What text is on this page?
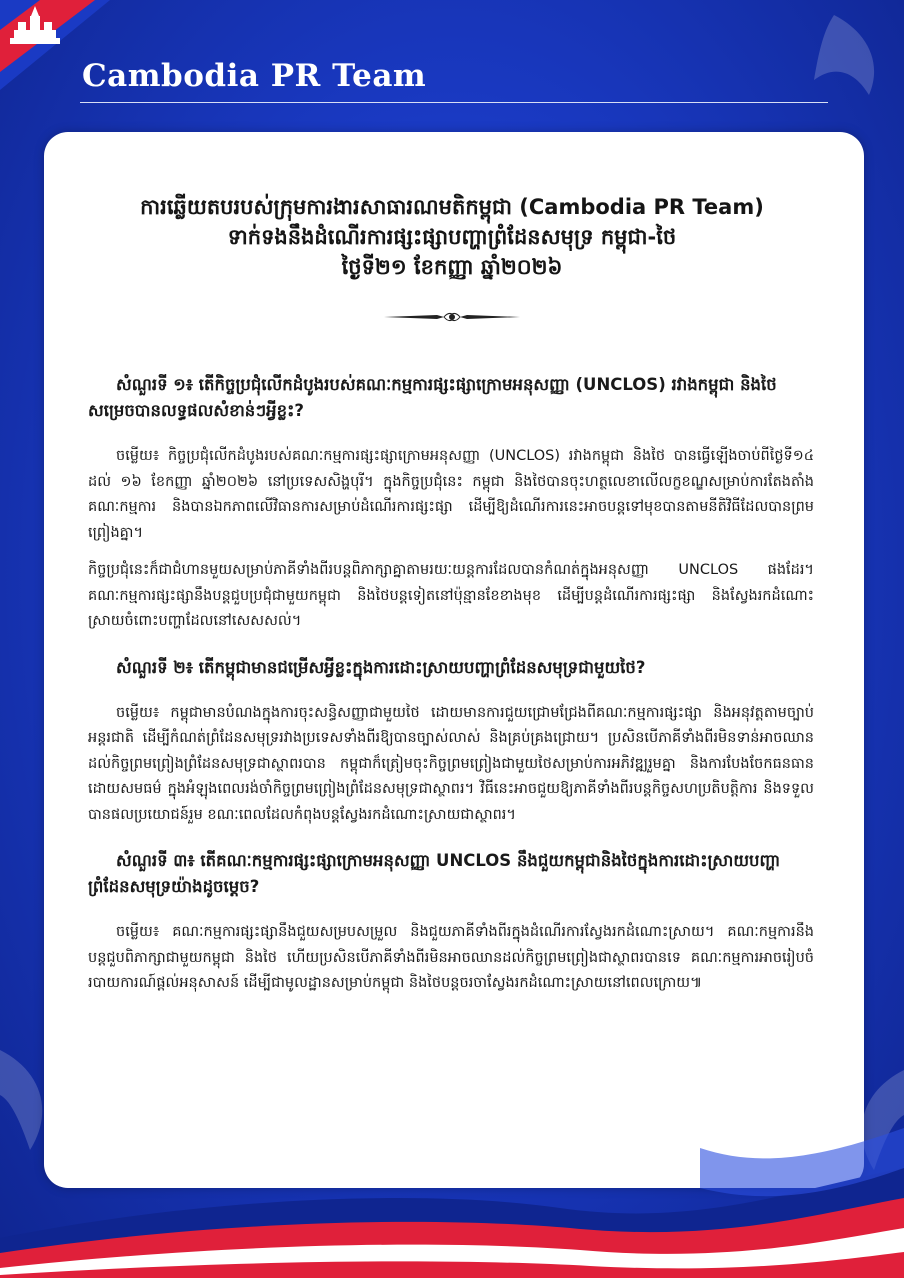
Cambodia PR Team
ការឆ្លើយតបរបស់ក្រុមការងារសាធារណមតិកម្ពុជា (Cambodia PR Team)
ទាក់ទងនឹងដំណើរការផ្សះផ្សាបញ្ហាព្រំដែនសមុទ្រ កម្ពុជា-ថៃ
ថ្ងៃទី២១ ខែកញ្ញា ឆ្នាំ២០២៦
សំណួរទី ១៖ តើកិច្ចប្រជុំលើកដំបូងរបស់គណៈកម្មការផ្សះផ្សាក្រោមអនុសញ្ញា (UNCLOS) រវាងកម្ពុជា និងថៃ សម្រេចបានលទ្ធផលសំខាន់ៗអ្វីខ្លះ?
ចម្លើយ៖ កិច្ចប្រជុំលើកដំបូងរបស់គណៈកម្មការផ្សះផ្សាក្រោមអនុសញ្ញា (UNCLOS) រវាងកម្ពុជា និងថៃ បានធ្វើឡើងចាប់ពីថ្ងៃទី១៤ ដល់ ១៦ ខែកញ្ញា ឆ្នាំ២០២៦ នៅប្រទេសសិង្ហបុរី។ ក្នុងកិច្ចប្រជុំនេះ កម្ពុជា និងថៃបានចុះហត្ថលេខាលើលក្ខខណ្ឌសម្រាប់ការតែងតាំងគណៈកម្មការ និងបានឯកភាពលើវិធានការសម្រាប់ដំណើរការផ្សះផ្សា ដើម្បីឱ្យដំណើរការនេះអាចបន្តទៅមុខបានតាមនីតិវិធីដែលបានព្រមព្រៀងគ្នា។
កិច្ចប្រជុំនេះក៏ជាជំហានមួយសម្រាប់ភាគីទាំងពីរបន្តពិភាក្សាគ្នាតាមរយៈយន្តការដែលបានកំណត់ក្នុងអនុសញ្ញា UNCLOS ផងដែរ។ គណៈកម្មការផ្សះផ្សានឹងបន្តជួបប្រជុំជាមួយកម្ពុជា និងថៃបន្តទៀតនៅប៉ុន្មានខែខាងមុខ ដើម្បីបន្តដំណើរការផ្សះផ្សា និងស្វែងរកដំណោះស្រាយចំពោះបញ្ហាដែលនៅសេសសល់។
សំណួរទី ២៖ តើកម្ពុជាមានជម្រើសអ្វីខ្លះក្នុងការដោះស្រាយបញ្ហាព្រំដែនសមុទ្រជាមួយថៃ?
ចម្លើយ៖ កម្ពុជាមានបំណងក្នុងការចុះសន្ធិសញ្ញាជាមួយថៃ ដោយមានការជួយជ្រោមជ្រែងពីគណៈកម្មការផ្សះផ្សា និងអនុវត្តតាមច្បាប់អន្តរជាតិ ដើម្បីកំណត់ព្រំដែនសមុទ្ររវាងប្រទេសទាំងពីរឱ្យបានច្បាស់លាស់ និងគ្រប់គ្រងជ្រោយ។ ប្រសិនបើភាគីទាំងពីរមិនទាន់អាចឈានដល់កិច្ចព្រមព្រៀងព្រំដែនសមុទ្រជាស្ថាពរបាន កម្ពុជាក៏ត្រៀមចុះកិច្ចព្រមព្រៀងជាមួយថៃសម្រាប់ការអភិវឌ្ឍរួមគ្នា និងការបែងចែកធនធានដោយសមធម៌ ក្នុងអំឡុងពេលរង់ចាំកិច្ចព្រមព្រៀងព្រំដែនសមុទ្រជាស្ថាពរ។ វិធីនេះអាចជួយឱ្យភាគីទាំងពីរបន្តកិច្ចសហប្រតិបត្តិការ និងទទួលបានផលប្រយោជន៍រួម ខណៈពេលដែលកំពុងបន្តស្វែងរកដំណោះស្រាយជាស្ថាពរ។
សំណួរទី ៣៖ តើគណៈកម្មការផ្សះផ្សាក្រោមអនុសញ្ញា UNCLOS នឹងជួយកម្ពុជានិងថៃក្នុងការដោះស្រាយបញ្ហាព្រំដែនសមុទ្រយ៉ាងដូចម្តេច?
ចម្លើយ៖ គណៈកម្មការផ្សះផ្សានឹងជួយសម្របសម្រួល និងជួយភាគីទាំងពីរក្នុងដំណើរការស្វែងរកដំណោះស្រាយ។ គណៈកម្មការនឹងបន្តជួបពិភាក្សាជាមួយកម្ពុជា និងថៃ ហើយប្រសិនបើភាគីទាំងពីរមិនអាចឈានដល់កិច្ចព្រមព្រៀងជាស្ថាពរបានទេ គណៈកម្មការអាចរៀបចំរបាយការណ៍ផ្តល់អនុសាសន៍ ដើម្បីជាមូលដ្ឋានសម្រាប់កម្ពុជា និងថៃបន្តចរចាស្វែងរកដំណោះស្រាយនៅពេលក្រោយ៕
